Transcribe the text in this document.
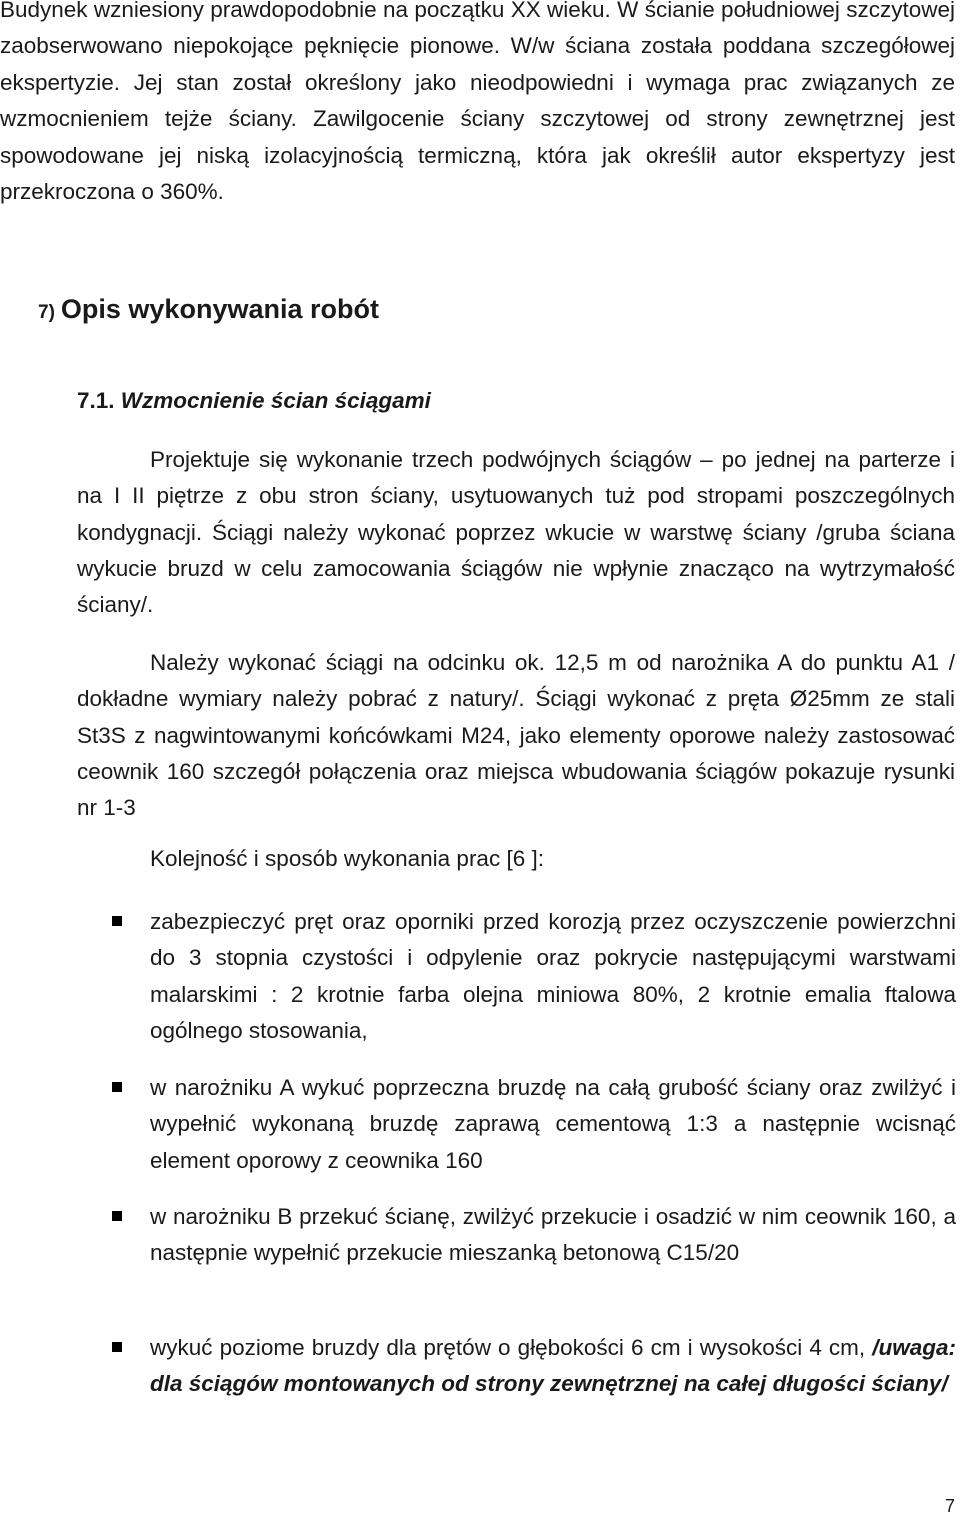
Budynek wzniesiony prawdopodobnie na początku XX wieku. W ścianie południowej szczytowej zaobserwowano niepokojące pęknięcie pionowe. W/w ściana została poddana szczegółowej ekspertyzie. Jej stan został określony jako nieodpowiedni i wymaga prac związanych ze wzmocnieniem tejże ściany. Zawilgocenie ściany szczytowej od strony zewnętrznej jest spowodowane jej niską izolacyjnością termiczną, która jak określił autor ekspertyzy jest przekroczona o 360%.

7) Opis wykonywania robót
7.1. Wzmocnienie ścian ściągami

Projektuje się wykonanie trzech podwójnych ściągów – po jednej na parterze i na I II piętrze z obu stron ściany, usytuowanych tuż pod stropami poszczególnych kondygnacji. Ściągi należy wykonać poprzez wkucie w warstwę ściany /gruba ściana wykucie bruzd w celu zamocowania ściągów nie wpłynie znacząco na wytrzymałość ściany/.

Należy wykonać ściągi na odcinku ok. 12,5 m od narożnika A do punktu A1 / dokładne wymiary należy pobrać z natury/. Ściągi wykonać z pręta Ø25mm ze stali St3S z nagwintowanymi końcówkami M24, jako elementy oporowe należy zastosować ceownik 160 szczegół połączenia oraz miejsca wbudowania ściągów pokazuje rysunki nr 1-3

Kolejność i sposób wykonania prac [6 ]:

zabezpieczyć pręt oraz oporniki przed korozją przez oczyszczenie powierzchni do 3 stopnia czystości i odpylenie oraz pokrycie następującymi warstwami malarskimi : 2 krotnie farba olejna miniowa 80%, 2 krotnie emalia ftalowa ogólnego stosowania,
w narożniku A wykuć poprzeczna bruzdę na całą grubość ściany oraz zwilżyć i wypełnić wykonaną bruzdę zaprawą cementową 1:3 a następnie wcisnąć element oporowy z ceownika 160
w narożniku B przekuć ścianę, zwilżyć przekucie i osadzić w nim ceownik 160, a następnie wypełnić przekucie mieszanką betonową C15/20
wykuć poziome bruzdy dla prętów o głębokości 6 cm i wysokości 4 cm, /uwaga: dla ściągów montowanych od strony zewnętrznej na całej długości ściany/

7
